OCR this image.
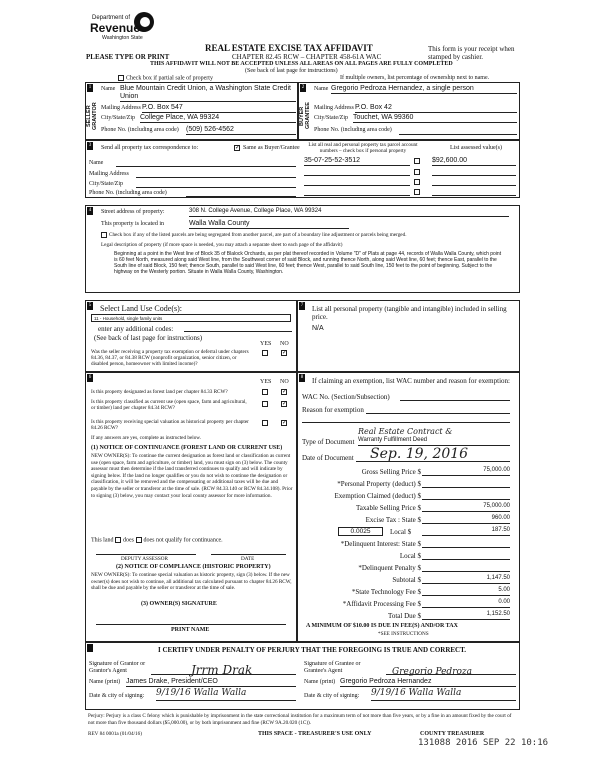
Department of
Revenue
Washington State
PLEASE TYPE OR PRINT
REAL ESTATE EXCISE TAX AFFIDAVIT
CHAPTER 82.45 RCW – CHAPTER 458-61A WAC
THIS AFFIDAVIT WILL NOT BE ACCEPTED UNLESS ALL AREAS ON ALL PAGES ARE FULLY COMPLETED
(See back of last page for instructions)
This form is your receipt when stamped by cashier.
Check box if partial sale of property	If multiple owners, list percentage of ownership next to name.
1
SELLER GRANTOR
Name Blue Mountain Credit Union, a Washington State Credit Union
Mailing Address P.O. Box 547
City/State/Zip College Place, WA 99324
Phone No. (including area code) (509) 526-4562
2
BUYER GRANTEE
Name Gregorio Pedroza Hernandez, a single person
Mailing Address P.O. Box 42
City/State/Zip Touchet, WA 99360
Phone No. (including area code)
3 Send all property tax correspondence to:	✓ Same as Buyer/Grantee
Name
Mailing Address
City/State/Zip
Phone No. (including area code)
List all real and personal property tax parcel account numbers – check box if personal property	List assessed value(s)
35-07-25-52-3512	$92,600.00
4 Street address of property:	308 N. College Avenue, College Place, WA 99324
This property is located in	Walla Walla County
Check box if any of the listed parcels are being segregated from another parcel, are part of a boundary line adjustment or parcels being merged.
Legal description of property (if more space is needed, you may attach a separate sheet to each page of the affidavit)
Beginning at a point in the West line of Block 35 of Blalock Orchards, as per plat thereof recorded in Volume "D" of Plats at page 44, records of Walla Walla County, which point is 60 feet North, measured along said West line, from the Southwest corner of said Block, and running thence North, along said West line, 60 feet; thence East, parallel to the South line of said Block, 150 feet; thence South, parallel to said West line, 60 feet; thence West, parallel to said South line, 150 feet to the point of beginning. Subject to the highway on the Westerly portion. Situate in Walla Walla County, Washington.
5 Select Land Use Code(s):
11 - Household, single family units
enter any additional codes:
(See back of last page for instructions)
YES NO
Was the seller receiving a property tax exemption or deferral under chapters 84.36, 84.37, or 84.38 RCW (nonprofit organization, senior citizen, or disabled person, homeowner with limited income)?
✓
7 List all personal property (tangible and intangible) included in selling price.
N/A
6
YES NO
Is this property designated as forest land per chapter 84.33 RCW?	✓
Is this property classified as current use (open space, farm and agricultural, or timber) land per chapter 84.34 RCW?
✓
Is this property receiving special valuation as historical property per chapter 84.26 RCW?
✓
If any answers are yes, complete as instructed below.
(1) NOTICE OF CONTINUANCE (FOREST LAND OR CURRENT USE)
NEW OWNER(S): To continue the current designation as forest land or classification as current use (open space, farm and agriculture, or timber) land, you must sign on (3) below. The county assessor must then determine if the land transferred continues to qualify and will indicate by signing below. If the land no longer qualifies or you do not wish to continue the designation or classification, it will be removed and the compensating or additional taxes will be due and payable by the seller or transferor at the time of sale. (RCW 84.33.140 or RCW 84.34.108). Prior to signing (3) below, you may contact your local county assessor for more information.
This land does does not qualify for continuance.
DEPUTY ASSESSOR	DATE
(2) NOTICE OF COMPLIANCE (HISTORIC PROPERTY)
NEW OWNER(S): To continue special valuation as historic property, sign (3) below. If the new owner(s) does not wish to continue, all additional tax calculated pursuant to chapter 84.26 RCW, shall be due and payable by the seller or transferor at the time of sale.
(3) OWNER(S) SIGNATURE
PRINT NAME
8 If claiming an exemption, list WAC number and reason for exemption:
WAC No. (Section/Subsection)
Reason for exemption
Real Estate Contract &
Type of Document Warranty Fulfillment Deed
Date of Document	Sep. 19, 2016
Gross Selling Price $	75,000.00
*Personal Property (deduct) $
Exemption Claimed (deduct) $
Taxable Selling Price $	75,000.00
Excise Tax : State $	960.00
0.0025	Local $	187.50
*Delinquent Interest: State $
Local $
*Delinquent Penalty $
Subtotal $	1,147.50
*State Technology Fee $	5.00
*Affidavit Processing Fee $	0.00
Total Due $	1,152.50
A MINIMUM OF $10.00 IS DUE IN FEE(S) AND/OR TAX
*SEE INSTRUCTIONS
I CERTIFY UNDER PENALTY OF PERJURY THAT THE FOREGOING IS TRUE AND CORRECT.
Signature of Grantor or Grantor's Agent	Jrrm Drak
Name (print) James Drake, President/CEO
Date & city of signing: 9/19/16 Walla Walla
Signature of Grantee or Grantee's Agent	Gregorio Pedroza
Name (print) Gregorio Pedroza Hernandez
Date & city of signing: 9/19/16 Walla Walla
Perjury: Perjury is a class C felony which is punishable by imprisonment in the state correctional institution for a maximum term of not more than five years, or by a fine in an amount fixed by the court of not more than five thousand dollars ($5,000.00), or by both imprisonment and fine (RCW 9A.20.020 (1C)).
REV 84 0001a (01/04/16)	THIS SPACE - TREASURER'S USE ONLY	COUNTY TREASURER
131088 2016 SEP 22 10:16
